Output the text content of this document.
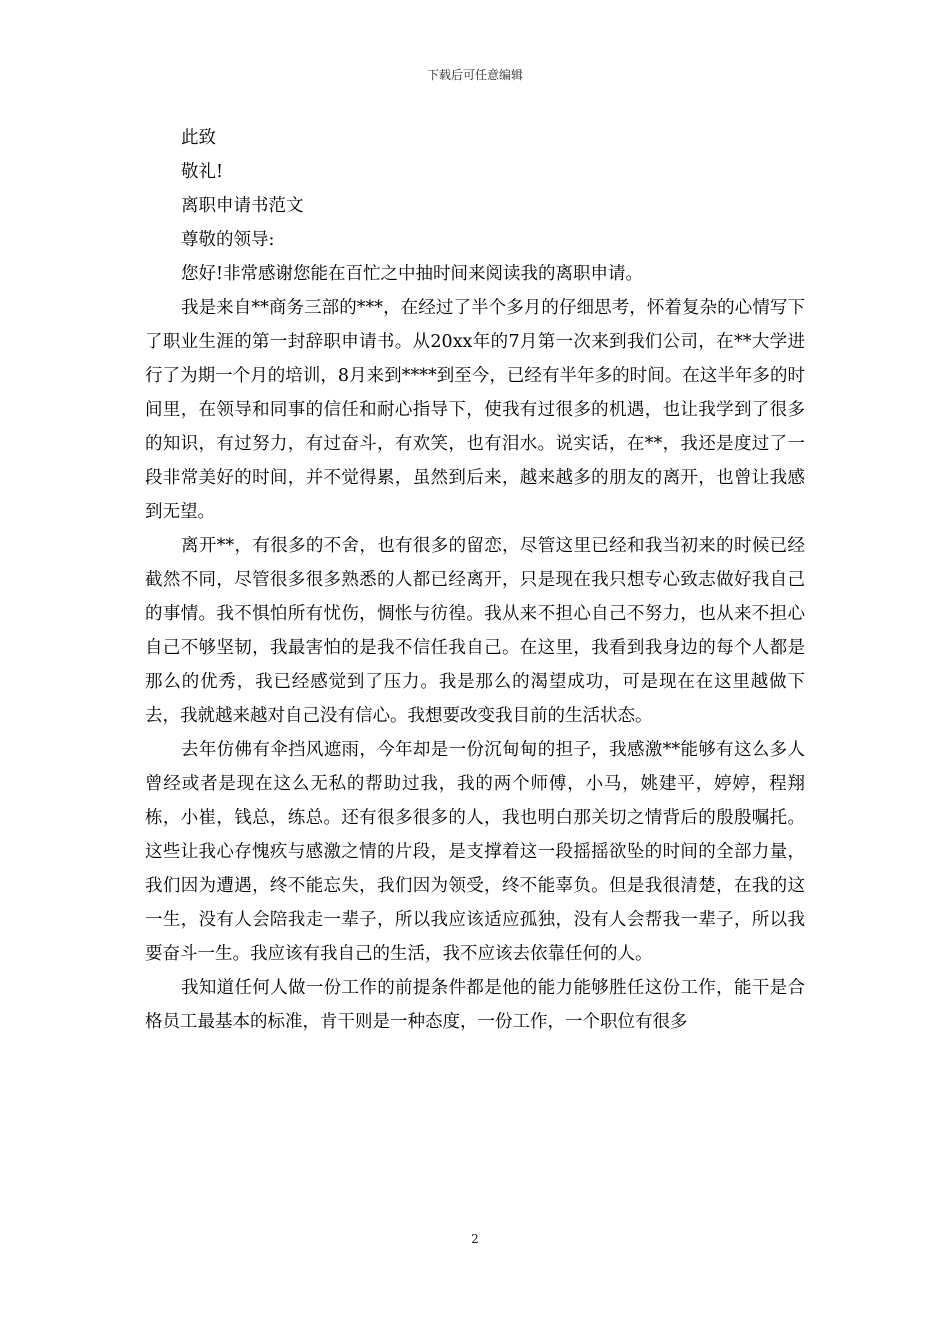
下载后可任意编辑
此致
敬礼!
离职申请书范文
尊敬的领导:
您好!非常感谢您能在百忙之中抽时间来阅读我的离职申请。
我是来自**商务三部的***，在经过了半个多月的仔细思考，怀着复杂的心情写下了职业生涯的第一封辞职申请书。从20xx年的7月第一次来到我们公司，在**大学进行了为期一个月的培训，8月来到****到至今，已经有半年多的时间。在这半年多的时间里，在领导和同事的信任和耐心指导下，使我有过很多的机遇，也让我学到了很多的知识，有过努力，有过奋斗，有欢笑，也有泪水。说实话，在**，我还是度过了一段非常美好的时间，并不觉得累，虽然到后来，越来越多的朋友的离开，也曾让我感到无望。
离开**，有很多的不舍，也有很多的留恋，尽管这里已经和我当初来的时候已经截然不同，尽管很多很多熟悉的人都已经离开，只是现在我只想专心致志做好我自己的事情。我不惧怕所有忧伤，惆怅与彷徨。我从来不担心自己不努力，也从来不担心自己不够坚韧，我最害怕的是我不信任我自己。在这里，我看到我身边的每个人都是那么的优秀，我已经感觉到了压力。我是那么的渴望成功，可是现在在这里越做下去，我就越来越对自己没有信心。我想要改变我目前的生活状态。
去年仿佛有伞挡风遮雨，今年却是一份沉甸甸的担子，我感激**能够有这么多人曾经或者是现在这么无私的帮助过我，我的两个师傅，小马，姚建平，婷婷，程翔栋，小崔，钱总，练总。还有很多很多的人，我也明白那关切之情背后的殷殷嘱托。这些让我心存愧疚与感激之情的片段，是支撑着这一段摇摇欲坠的时间的全部力量，我们因为遭遇，终不能忘失，我们因为领受，终不能辜负。但是我很清楚，在我的这一生，没有人会陪我走一辈子，所以我应该适应孤独，没有人会帮我一辈子，所以我要奋斗一生。我应该有我自己的生活，我不应该去依靠任何的人。
我知道任何人做一份工作的前提条件都是他的能力能够胜任这份工作，能干是合格员工最基本的标准，肯干则是一种态度，一份工作，一个职位有很多
2
